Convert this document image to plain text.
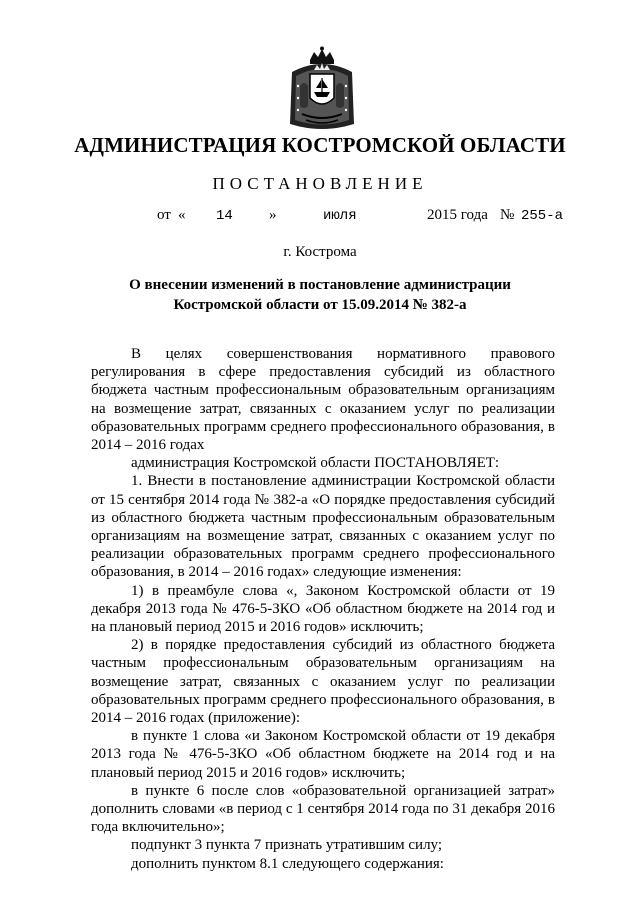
АДМИНИСТРАЦИЯ КОСТРОМСКОЙ ОБЛАСТИ
ПОСТАНОВЛЕНИЕ
от « 14 »	июля	2015 года № 255-а
г. Кострома
О внесении изменений в постановление администрации
Костромской области от 15.09.2014 № 382-а

В целях совершенствования нормативного правового регулирования в сфере предоставления субсидий из областного бюджета частным профессиональным образовательным организациям на возмещение затрат, связанных с оказанием услуг по реализации образовательных программ среднего профессионального образования, в 2014 – 2016 годах

администрация Костромской области ПОСТАНОВЛЯЕТ:

1. Внести в постановление администрации Костромской области от 15 сентября 2014 года № 382-а «О порядке предоставления субсидий из областного бюджета частным профессиональным образовательным организациям на возмещение затрат, связанных с оказанием услуг по реализации образовательных программ среднего профессионального образования, в 2014 – 2016 годах» следующие изменения:

1) в преамбуле слова «, Законом Костромской области от 19 декабря 2013 года № 476-5-ЗКО «Об областном бюджете на 2014 год и на плановый период 2015 и 2016 годов» исключить;

2) в порядке предоставления субсидий из областного бюджета частным профессиональным образовательным организациям на возмещение затрат, связанных с оказанием услуг по реализации образовательных программ среднего профессионального образования, в 2014 – 2016 годах (приложение):

в пункте 1 слова «и Законом Костромской области от 19 декабря 2013 года № 476-5-ЗКО «Об областном бюджете на 2014 год и на плановый период 2015 и 2016 годов» исключить;

в пункте 6 после слов «образовательной организацией затрат» дополнить словами «в период с 1 сентября 2014 года по 31 декабря 2016 года включительно»;

подпункт 3 пункта 7 признать утратившим силу;

дополнить пунктом 8.1 следующего содержания:
